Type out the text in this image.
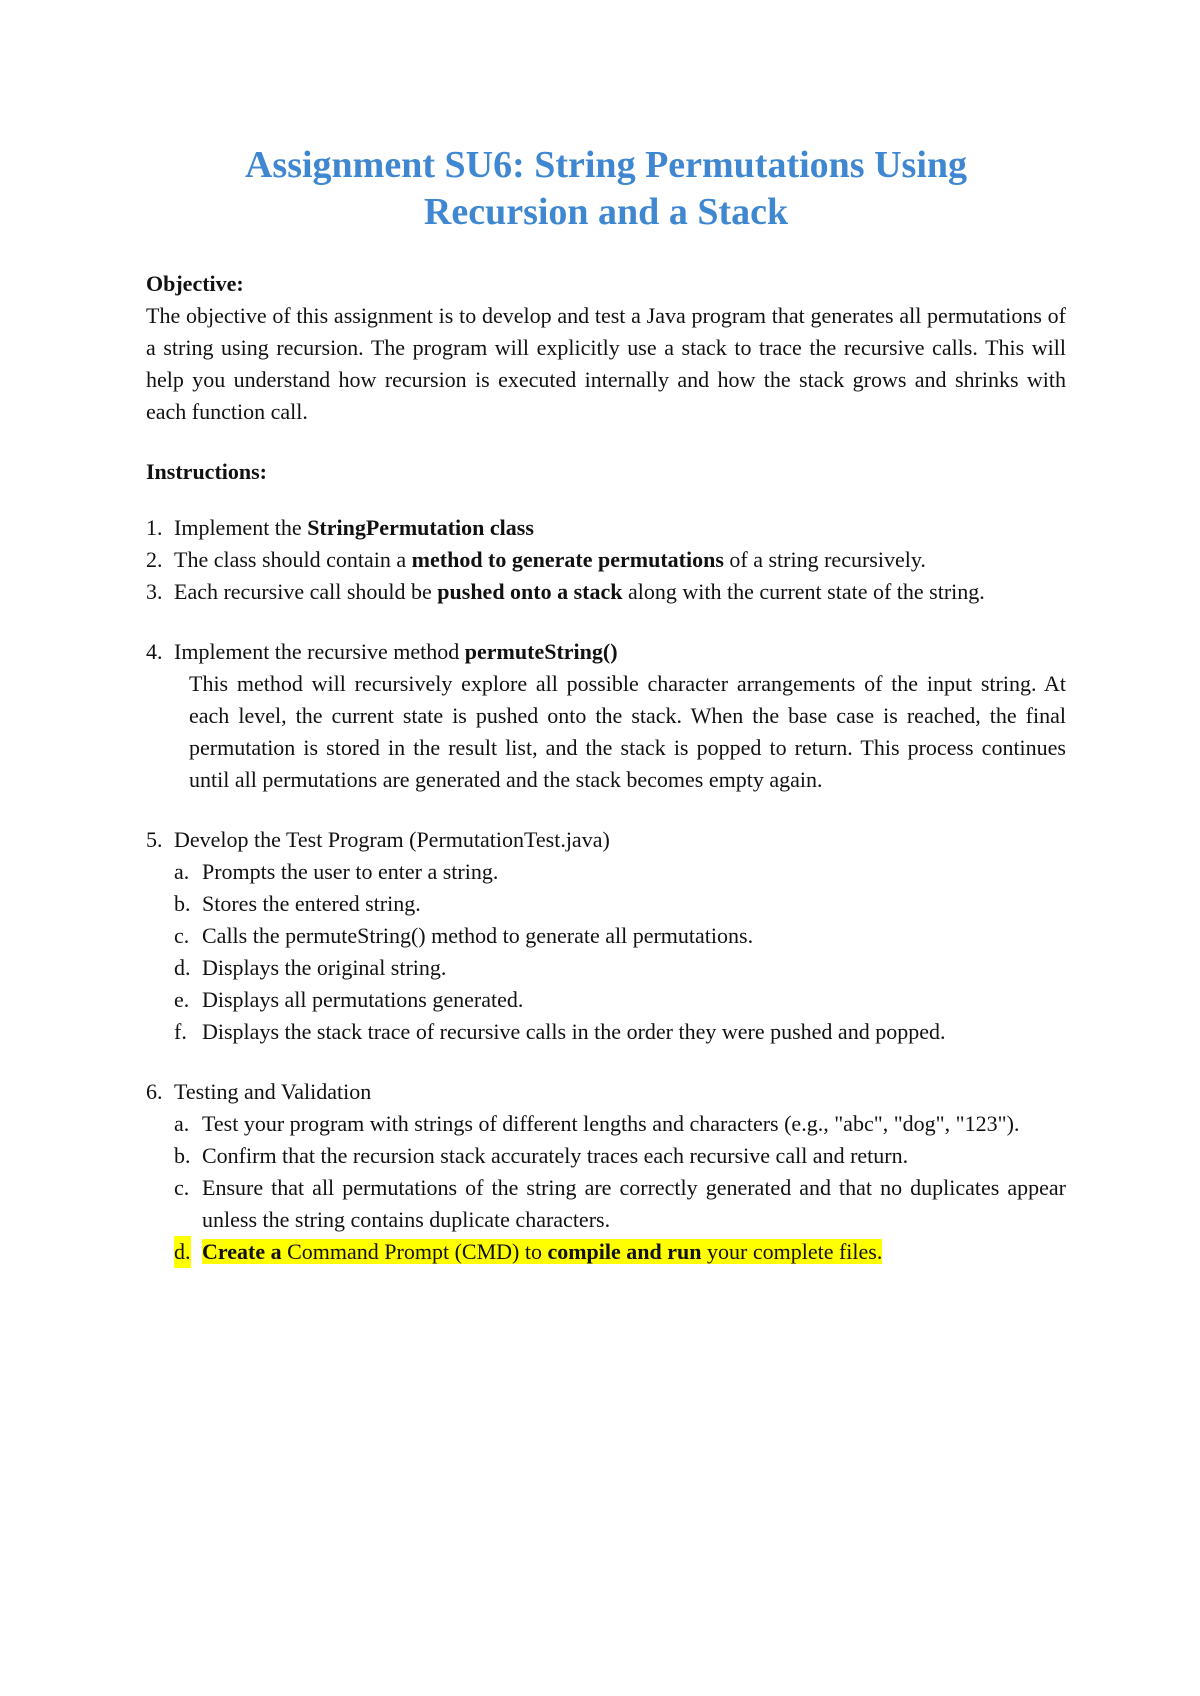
Assignment SU6: String Permutations Using
Recursion and a Stack

Objective:

The objective of this assignment is to develop and test a Java program that generates all permutations of a string using recursion. The program will explicitly use a stack to trace the recursive calls. This will help you understand how recursion is executed internally and how the stack grows and shrinks with each function call.

Instructions:

1. Implement the StringPermutation class
2. The class should contain a method to generate permutations of a string recursively.
3. Each recursive call should be pushed onto a stack along with the current state of the string.
4. Implement the recursive method permuteString()
This method will recursively explore all possible character arrangements of the input string. At each level, the current state is pushed onto the stack. When the base case is reached, the final permutation is stored in the result list, and the stack is popped to return. This process continues until all permutations are generated and the stack becomes empty again.
5. Develop the Test Program (PermutationTest.java)
a. Prompts the user to enter a string.
b. Stores the entered string.
c. Calls the permuteString() method to generate all permutations.
d. Displays the original string.
e. Displays all permutations generated.
f. Displays the stack trace of recursive calls in the order they were pushed and popped.
6. Testing and Validation
a. Test your program with strings of different lengths and characters (e.g., "abc", "dog", "123").
b. Confirm that the recursion stack accurately traces each recursive call and return.
c. Ensure that all permutations of the string are correctly generated and that no duplicates appear unless the string contains duplicate characters.
d. Create a Command Prompt (CMD) to compile and run your complete files.
